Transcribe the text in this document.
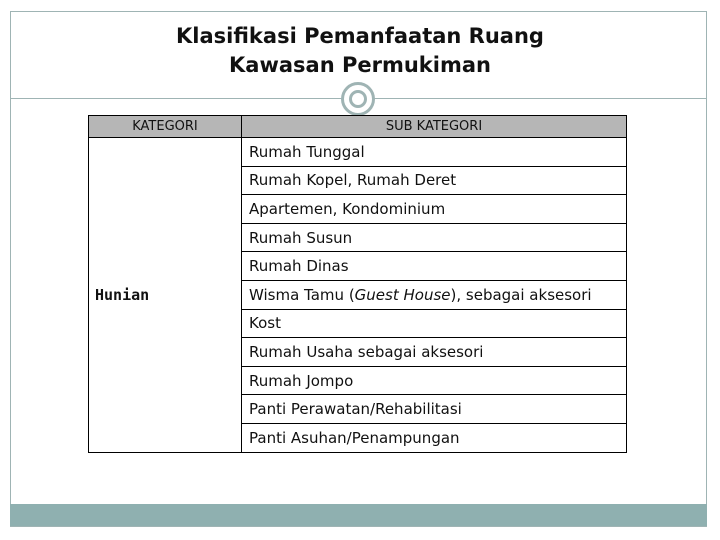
Klasifikasi Pemanfaatan Ruang
Kawasan Permukiman
KATEGORI	SUB KATEGORI
Hunian	Rumah Tunggal
	Rumah Kopel, Rumah Deret
	Apartemen, Kondominium
	Rumah Susun
	Rumah Dinas
	Wisma Tamu (Guest House), sebagai aksesori
	Kost
	Rumah Usaha sebagai aksesori
	Rumah Jompo
	Panti Perawatan/Rehabilitasi
	Panti Asuhan/Penampungan
